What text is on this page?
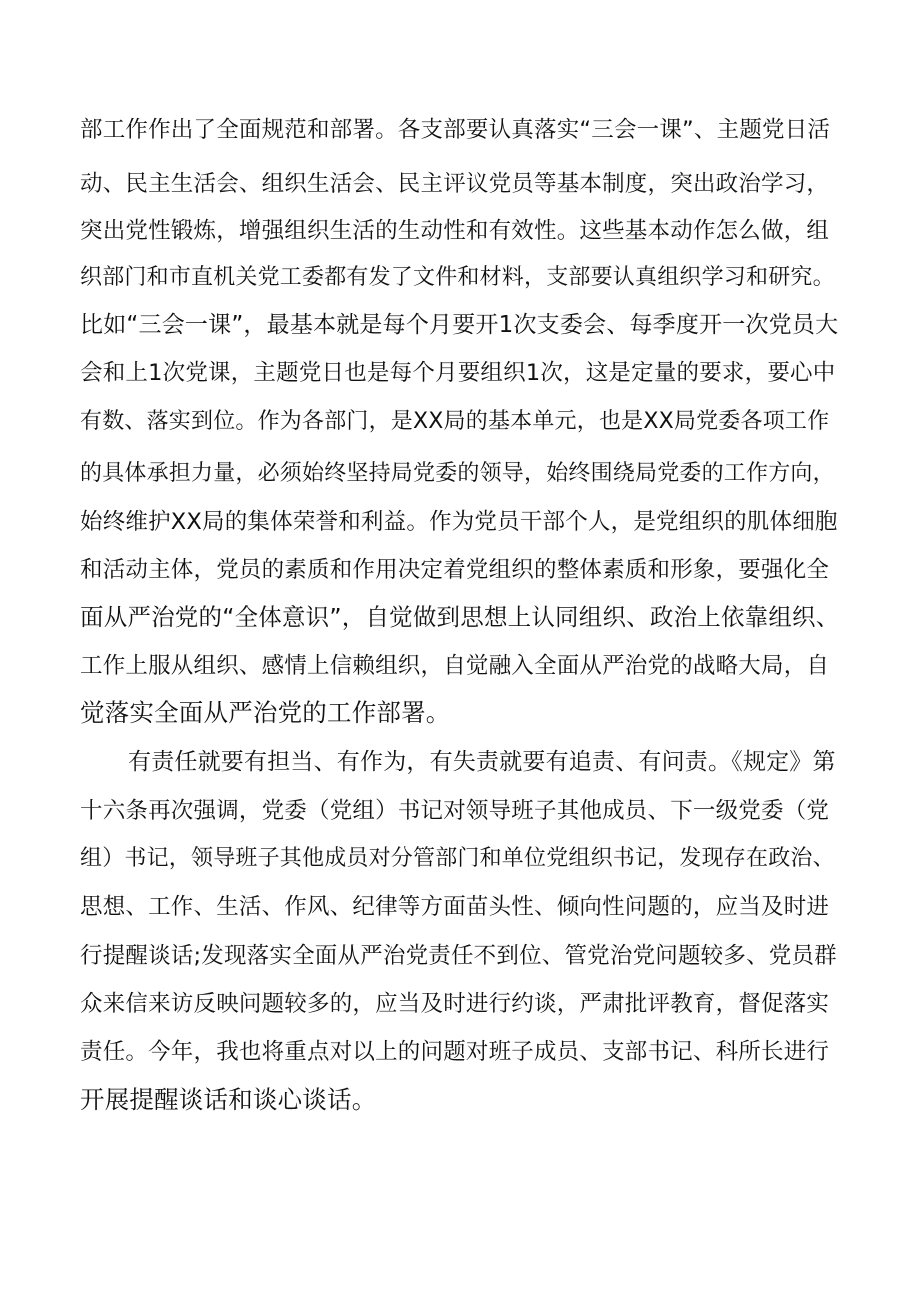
部工作作出了全面规范和部署。各支部要认真落实“三会一课”、主题党日活
动、民主生活会、组织生活会、民主评议党员等基本制度，突出政治学习，
突出党性锻炼，增强组织生活的生动性和有效性。这些基本动作怎么做，组
织部门和市直机关党工委都有发了文件和材料，支部要认真组织学习和研究。
比如“三会一课”，最基本就是每个月要开1次支委会、每季度开一次党员大
会和上1次党课，主题党日也是每个月要组织1次，这是定量的要求，要心中
有数、落实到位。作为各部门，是XX局的基本单元，也是XX局党委各项工作
的具体承担力量，必须始终坚持局党委的领导，始终围绕局党委的工作方向，
始终维护XX局的集体荣誉和利益。作为党员干部个人，是党组织的肌体细胞
和活动主体，党员的素质和作用决定着党组织的整体素质和形象，要强化全
面从严治党的“全体意识”，自觉做到思想上认同组织、政治上依靠组织、
工作上服从组织、感情上信赖组织，自觉融入全面从严治党的战略大局，自
觉落实全面从严治党的工作部署。
有责任就要有担当、有作为，有失责就要有追责、有问责。《规定》第
十六条再次强调，党委（党组）书记对领导班子其他成员、下一级党委（党
组）书记，领导班子其他成员对分管部门和单位党组织书记，发现存在政治、
思想、工作、生活、作风、纪律等方面苗头性、倾向性问题的，应当及时进
行提醒谈话;发现落实全面从严治党责任不到位、管党治党问题较多、党员群
众来信来访反映问题较多的，应当及时进行约谈，严肃批评教育，督促落实
责任。今年，我也将重点对以上的问题对班子成员、支部书记、科所长进行
开展提醒谈话和谈心谈话。
